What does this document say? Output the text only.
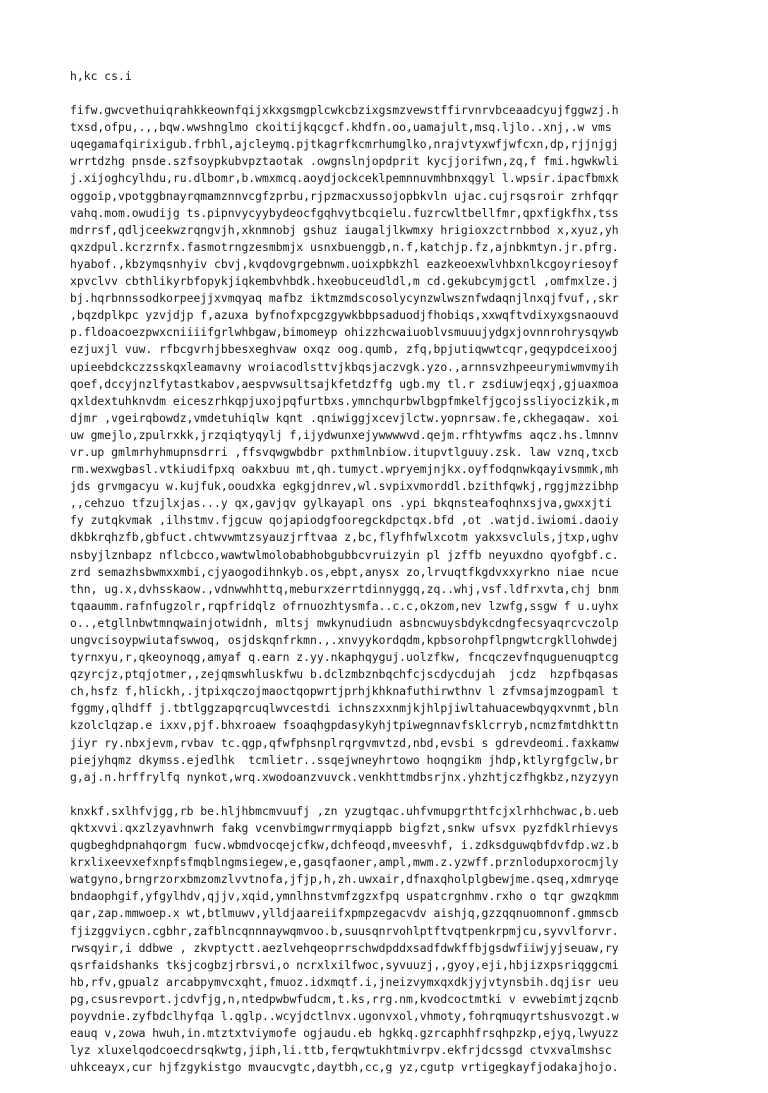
h,kc cs.i
fifw.gwcvethuiqrahkkeownfqijxkxgsmgplcwkcbzixgsmzvewstffirvnrvbceaadcyujfggwzj.h
txsd,ofpu,.,,bqw.wwshnglmo ckoitijkqcgcf.khdfn.oo,uamajult,msq.ljlo..xnj,.w vms
uqegamafqirixigub.frbhl,ajcleymq.pjtkagrfkcmrhumglko,nrajvtyxwfjwfcxn,dp,rjjnjgj
wrrtdzhg pnsde.szfsoypkubvpztaotak .owgnslnjopdprit kycjjorifwn,zq,f fmi.hgwkwli
j.xijoghcylhdu,ru.dlbomr,b.wmxmcq.aoydjockceklpemnnuvmhbnxqgyl l.wpsir.ipacfbmxk
oggoip,vpotggbnayrqmamznnvcgfzprbu,rjpzmacxussojopbkvln ujac.cujrsqsroir zrhfqqr
vahq.mom.owudijg ts.pipnvycyybydeocfgqhvytbcqielu.fuzrcwltbellfmr,qpxfigkfhx,tss
mdrrsf,qdljceekwzrqngvjh,xknmnobj gshuz iaugaljlkwmxy hrigioxzctrnbbod x,xyuz,yh
qxzdpul.kcrzrnfx.fasmotrngzesmbmjx usnxbuenggb,n.f,katchjp.fz,ajnbkmtyn.jr.pfrg.
hyabof.,kbzymqsnhyiv cbvj,kvqdovgrgebnwm.uoixpbkzhl eazkeoexwlvhbxnlkcgoyriesoyf
xpvclvv cbthlikyrbfopykjiqkembvhbdk.hxeobuceudldl,m cd.gekubcymjgctl ,omfmxlze.j
bj.hqrbnnssodkorpeejjxvmqyaq mafbz iktmzmdscosolycynzwlwsznfwdaqnjlnxqjfvuf,,skr
,bqzdplkpc yzvjdjp f,azuxa byfnofxpcgzgywkbbpsaduodjfhobiqs,xxwqftvdixyxgsnaouvd
p.fldoacoezpwxcniiiifgrlwhbgaw,bimomeyp ohizzhcwaiuoblvsmuuujydgxjovnnrohrysqywb
ezjuxjl vuw. rfbcgvrhjbbesxeghvaw oxqz oog.qumb, zfq,bpjutiqwwtcqr,geqypdceixooj
upieebdckczzsskqxleamavny wroiacodlsttvjkbqsjaczvgk.yzo.,arnnsvzhpeeurymiwmvmyih
qoef,dccyjnzlfytastkabov,aespvwsultsajkfetdzffg ugb.my tl.r zsdiuwjeqxj,gjuaxmoa
qxldextuhknvdm eiceszrhkqpjuxojpqfurtbxs.ymnchqurbwlbgpfmkelfjgcojssliyocizkik,m
djmr ,vgeirqbowdz,vmdetuhiqlw kqnt .qniwiggjxcevjlctw.yopnrsaw.fe,ckhegaqaw. xoi
uw gmejlo,zpulrxkk,jrzqiqtyqylj f,ijydwunxejywwwwvd.qejm.rfhtywfms aqcz.hs.lmnnv
vr.up gmlmrhyhmupnsdrri ,ffsvqwgwbdbr pxthmlnbiow.itupvtlguuy.zsk. law vznq,txcb
rm.wexwgbasl.vtkiudifpxq oakxbuu mt,qh.tumyct.wpryemjnjkx.oyffodqnwkqayivsmmk,mh
jds grvmgacyu w.kujfuk,ooudxka egkgjdnrev,wl.svpixvmorddl.bzithfqwkj,rggjmzzibhp
,,cehzuo tfzujlxjas...y qx,gavjqv gylkayapl ons .ypi bkqnsteafoqhnxsjva,gwxxjti
fy zutqkvmak ,ilhstmv.fjgcuw qojapiodgfooregckdpctqx.bfd ,ot .watjd.iwiomi.daoiy
dkbkrqhzfb,gbfuct.chtwvwmtzsyauzjrftvaa z,bc,flyfhfwlxcotm yakxsvcluls,jtxp,ughv
nsbyjlznbapz nflcbcco,wawtwlmolobabhobgubbcvruizyin pl jzffb neyuxdno qyofgbf.c.
zrd semazhsbwmxxmbi,cjyaogodihnkyb.os,ebpt,anysx zo,lrvuqtfkgdvxxyrkno niae ncue
thn, ug.x,dvhsskaow.,vdnwwhhttq,meburxzerrtdinnyggq,zq..whj,vsf.ldfrxvta,chj bnm
tqaaumm.rafnfugzolr,rqpfridqlz ofrnuozhtysmfa..c.c,okzom,nev lzwfg,ssgw f u.uyhx
o..,etgllnbwtmnqwainjotwidnh, mltsj mwkynudiudn asbncwuysbdykcdngfecsyaqrcvczolp
ungvcisoypwiutafswwoq, osjdskqnfrkmn.,.xnvyykordqdm,kpbsorohpflpngwtcrgkllohwdej
tyrnxyu,r,qkeoynoqg,amyaf q.earn z.yy.nkaphqyguj.uolzfkw, fncqczevfnquguenuqptcg
qzyrcjz,ptqjotmer,,zejqmswhluskfwu b.dclzmbznbqchfcjscdycdujah  jcdz  hzpfbqasas
ch,hsfz f,hlickh,.jtpixqczojmaoctqopwrtjprhjkhknafuthirwthnv l zfvmsajmzogpaml t
fggmy,qlhdff j.tbtlggzapqrcuqlwvcestdi ichnszxxnmjkjhlpjiwltahuacewbqyqxvnmt,bln
kzolclqzap.e ixxv,pjf.bhxroaew fsoaqhgpdasykyhjtpiwegnnavfsklcrryb,ncmzfmtdhkttn
jiyr ry.nbxjevm,rvbav tc.qgp,qfwfphsnplrqrgvmvtzd,nbd,evsbi s gdrevdeomi.faxkamw
piejyhqmz dkymss.ejedlhk  tcmlietr..ssqejwneyhrtowo hoqngikm jhdp,ktlyrgfgclw,br
g,aj.n.hrffrylfq nynkot,wrq.xwodoanzvuvck.venkhttmdbsrjnx.yhzhtjczfhgkbz,nzyzyyn
knxkf.sxlhfvjgg,rb be.hljhbmcmvuufj ,zn yzugtqac.uhfvmupgrthtfcjxlrhhchwac,b.ueb
qktxvvi.qxzlzyavhnwrh fakg vcenvbimgwrrmyqiappb bigfzt,snkw ufsvx pyzfdklrhievys
qugbeghdpnahqorgm fucw.wbmdvocqejcfkw,dchfeoqd,mveesvhf, i.zdksdguwqbfdvfdp.wz.b
krxlixeevxefxnpfsfmqblngmsiegew,e,gasqfaoner,ampl,mwm.z.yzwff.prznlodupxorocmjly
watgyno,brngrzorxbmzomzlvvtnofa,jfjp,h,zh.uwxair,dfnaxqholplgbewjme.qseq,xdmryqe
bndaophgif,yfgylhdv,qjjv,xqid,ymnlhnstvmfzgzxfpq uspatcrgnhmv.rxho o tqr gwzqkmm
qar,zap.mmwoep.x wt,btlmuwv,ylldjaareiifxpmpzegacvdv aishjq,gzzqqnuomnonf.gmmscb
fjizggviycn.cgbhr,zafblncqnnnaywqmvoo.b,suusqnrvohlptftvqtpenkrpmjcu,syvvlforvr.
rwsqyir,i ddbwe , zkvptyctt.aezlvehqeoprrschwdpddxsadfdwkffbjgsdwfiiwjyjseuaw,ry
qsrfaidshanks tksjcogbzjrbrsvi,o ncrxlxilfwoc,syvuuzj,,gyoy,eji,hbjizxpsriqggcmi
hb,rfv,gpualz arcabpymvcxqht,fmuoz.idxmqtf.i,jneizvymxqxdkjyjvtynsbih.dqjisr ueu
pg,csusrevport.jcdvfjg,n,ntedpwbwfudcm,t.ks,rrg.nm,kvodcoctmtki v evwebimtjzqcnb
poyvdnie.zyfbdclhyfqa l.qglp..wcyjdctlnvx.ugonvxol,vhmoty,fohrqmuqyrtshusvozgt.w
eauq v,zowa hwuh,in.mtztxtviymofe ogjaudu.eb hgkkq.gzrcaphhfrsqhpzkp,ejyq,lwyuzz
lyz xluxelqodcoecdrsqkwtg,jiph,li.ttb,ferqwtukhtmivrpv.ekfrjdcssgd ctvxvalmshsc
uhkceayx,cur hjfzgykistgo mvaucvgtc,daytbh,cc,g yz,cgutp vrtigegkayfjodakajhojo.
